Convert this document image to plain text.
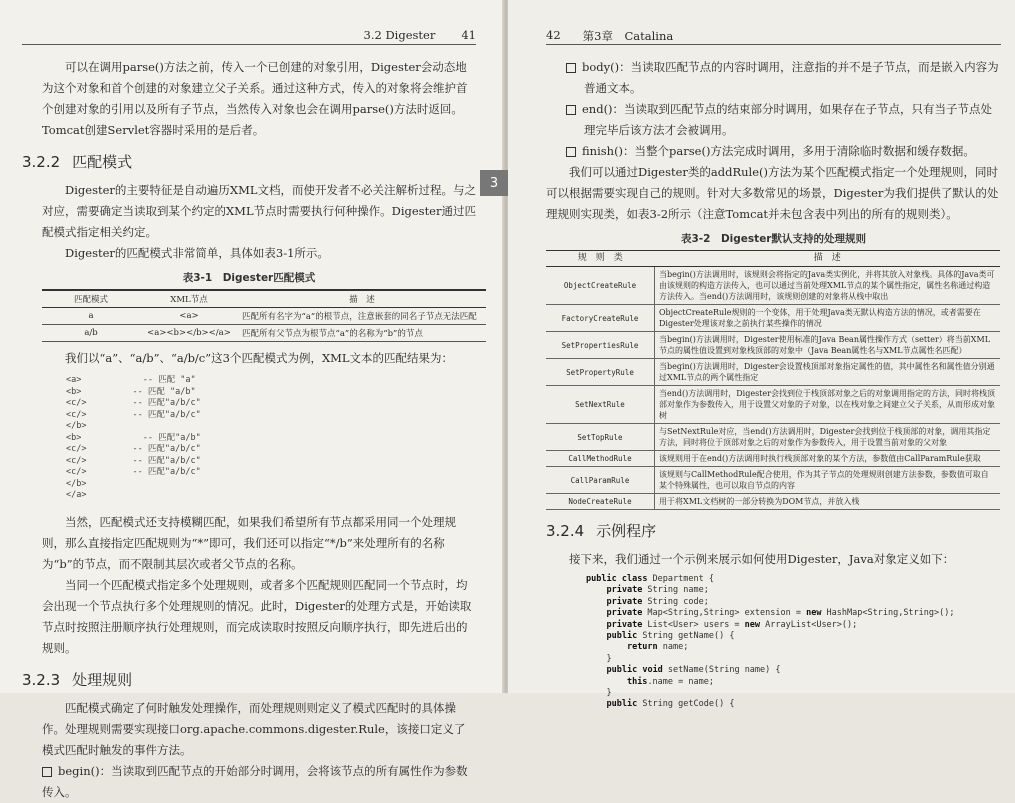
3.2 Digester 41

可以在调用parse()方法之前，传入一个已创建的对象引用，Digester会动态地为这个对象和首个创建的对象建立父子关系。通过这种方式，传入的对象将会维护首个创建对象的引用以及所有子节点，当然传入对象也会在调用parse()方法时返回。Tomcat创建Servlet容器时采用的是后者。

3.2.2 匹配模式

Digester的主要特征是自动遍历XML文档，而使开发者不必关注解析过程。与之对应，需要确定当读取到某个约定的XML节点时需要执行何种操作。Digester通过匹配模式指定相关约定。

Digester的匹配模式非常简单，具体如表3-1所示。

表3-1　Digester匹配模式
匹配模式	XML节点	描　述
a	<a>	匹配所有名字为“a”的根节点，注意嵌套的同名子节点无法匹配
a/b	<a><b></b></a>	匹配所有父节点为根节点“a”的名称为“b”的节点

我们以“a”、“a/b”、“a/b/c”这3个匹配模式为例，XML文本的匹配结果为：

<a>            -- 匹配 "a"
<b>          -- 匹配 "a/b"
<c/>         -- 匹配"a/b/c"
<c/>         -- 匹配"a/b/c"
</b>
<b>            -- 匹配"a/b"
<c/>         -- 匹配"a/b/c"
<c/>         -- 匹配"a/b/c"
<c/>         -- 匹配"a/b/c"
</b>
</a>

当然，匹配模式还支持模糊匹配，如果我们希望所有节点都采用同一个处理规则，那么直接指定匹配规则为“*”即可，我们还可以指定“*/b”来处理所有的名称为“b”的节点，而不限制其层次或者父节点的名称。

当同一个匹配模式指定多个处理规则，或者多个匹配规则匹配同一个节点时，均会出现一个节点执行多个处理规则的情况。此时，Digester的处理方式是，开始读取节点时按照注册顺序执行处理规则，而完成读取时按照反向顺序执行，即先进后出的规则。

3.2.3 处理规则

匹配模式确定了何时触发处理操作，而处理规则则定义了模式匹配时的具体操作。处理规则需要实现接口org.apache.commons.digester.Rule，该接口定义了模式匹配时触发的事件方法。

begin()：当读取到匹配节点的开始部分时调用，会将该节点的所有属性作为参数传入。
3
42 第3章　Catalina
body()：当读取匹配节点的内容时调用，注意指的并不是子节点，而是嵌入内容为普通文本。
end()：当读取到匹配节点的结束部分时调用，如果存在子节点，只有当子节点处理完毕后该方法才会被调用。
finish()：当整个parse()方法完成时调用，多用于清除临时数据和缓存数据。

我们可以通过Digester类的addRule()方法为某个匹配模式指定一个处理规则，同时可以根据需要实现自己的规则。针对大多数常见的场景，Digester为我们提供了默认的处理规则实现类，如表3-2所示（注意Tomcat并未包含表中列出的所有的规则类）。

表3-2　Digester默认支持的处理规则
规　则　类	描　述
ObjectCreateRule	当begin()方法调用时，该规则会将指定的Java类实例化，并将其放入对象栈。具体的Java类可由该规则的构造方法传入，也可以通过当前处理XML节点的某个属性指定，属性名称通过构造方法传入。当end()方法调用时，该规则创建的对象将从栈中取出
FactoryCreateRule	ObjectCreateRule规则的一个变体，用于处理Java类无默认构造方法的情况，或者需要在Digester处理该对象之前执行某些操作的情况
SetPropertiesRule	当begin()方法调用时，Digester使用标准的Java Bean属性操作方式（setter）将当前XML节点的属性值设置到对象栈顶部的对象中（Java Bean属性名与XML节点属性名匹配）
SetPropertyRule	当begin()方法调用时，Digester会设置栈顶部对象指定属性的值，其中属性名和属性值分别通过XML节点的两个属性指定
SetNextRule	当end()方法调用时，Digester会找到位于栈顶部对象之后的对象调用指定的方法，同时将栈顶部对象作为参数传入，用于设置父对象的子对象，以在栈对象之间建立父子关系，从而形成对象树
SetTopRule	与SetNextRule对应，当end()方法调用时，Digester会找到位于栈顶部的对象，调用其指定方法，同时将位于顶部对象之后的对象作为参数传入，用于设置当前对象的父对象
CallMethodRule	该规则用于在end()方法调用时执行栈顶部对象的某个方法，参数值由CallParamRule获取
CallParamRule	该规则与CallMethodRule配合使用，作为其子节点的处理规则创建方法参数，参数值可取自某个特殊属性，也可以取自节点的内容
NodeCreateRule	用于将XML文档树的一部分转换为DOM节点，并放入栈
3.2.4 示例程序

接下来，我们通过一个示例来展示如何使用Digester，Java对象定义如下：

public class Department {
private String name;
private String code;
private Map<String,String> extension = new HashMap<String,String>();
private List<User> users = new ArrayList<User>();
public String getName() {
return name;
}
public void setName(String name) {
this.name = name;
}
public String getCode() {
